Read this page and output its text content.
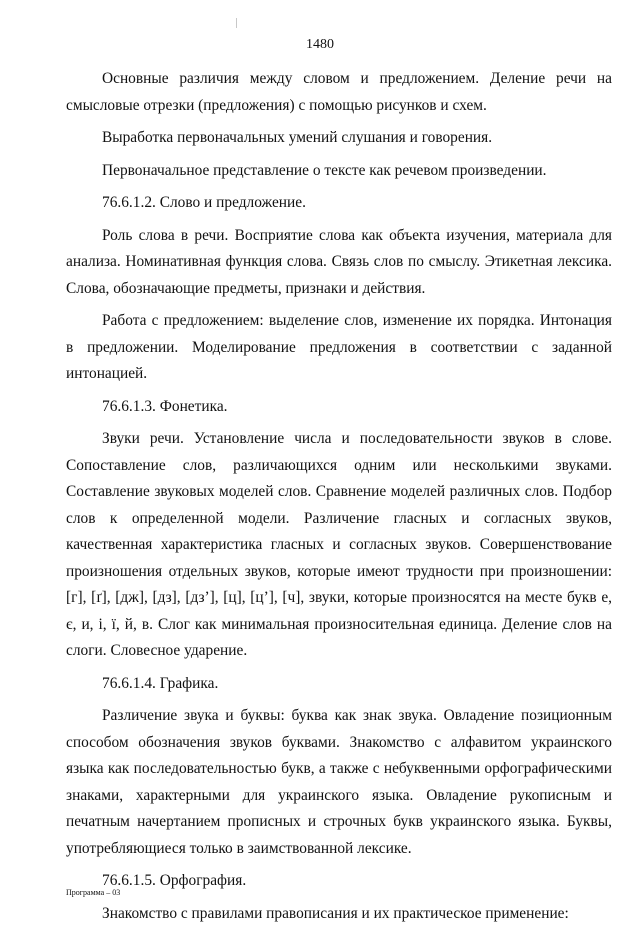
1480

Основные различия между словом и предложением. Деление речи на смысловые отрезки (предложения) с помощью рисунков и схем.

Выработка первоначальных умений слушания и говорения.

Первоначальное представление о тексте как речевом произведении.

76.6.1.2. Слово и предложение.

Роль слова в речи. Восприятие слова как объекта изучения, материала для анализа. Номинативная функция слова. Связь слов по смыслу. Этикетная лексика. Слова, обозначающие предметы, признаки и действия.

Работа с предложением: выделение слов, изменение их порядка. Интонация в предложении. Моделирование предложения в соответствии с заданной интонацией.

76.6.1.3. Фонетика.

Звуки речи. Установление числа и последовательности звуков в слове. Сопоставление слов, различающихся одним или несколькими звуками. Составление звуковых моделей слов. Сравнение моделей различных слов. Подбор слов к определенной модели. Различение гласных и согласных звуков, качественная характеристика гласных и согласных звуков. Совершенствование произношения отдельных звуков, которые имеют трудности при произношении: [г], [ґ], [дж], [дз], [дз’], [ц], [ц’], [ч], звуки, которые произносятся на месте букв е, є, и, і, ї, й, в. Слог как минимальная произносительная единица. Деление слов на слоги. Словесное ударение.

76.6.1.4. Графика.

Различение звука и буквы: буква как знак звука. Овладение позиционным способом обозначения звуков буквами. Знакомство с алфавитом украинского языка как последовательностью букв, а также с небуквенными орфографическими знаками, характерными для украинского языка. Овладение рукописным и печатным начертанием прописных и строчных букв украинского языка. Буквы, употребляющиеся только в заимствованной лексике.

76.6.1.5. Орфография.

Знакомство с правилами правописания и их практическое применение:

Программа – 03
